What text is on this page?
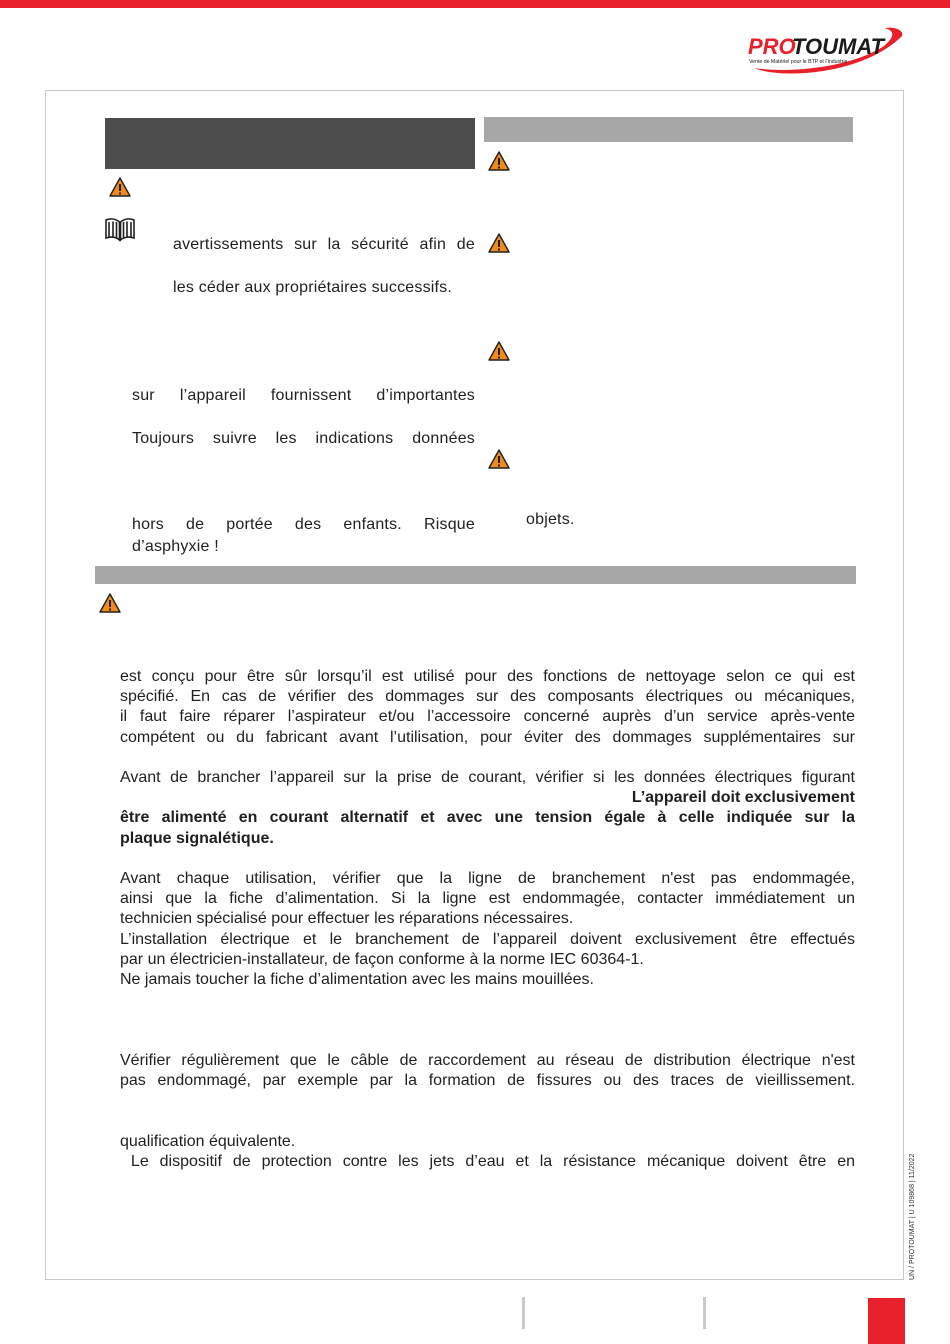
PRO
TOUMAT
Vente de Matériel pour le BTP et l'Industrie
avertissements sur la sécurité afin de
les céder aux propriétaires successifs.
sur l’appareil fournissent d’importantes
Toujours suivre les indications données
hors de portée des enfants. Risque
d’asphyxie !
objets.
est conçu pour être sûr lorsqu’il est utilisé pour des fonctions de nettoyage selon ce qui est
spécifié. En cas de vérifier des dommages sur des composants électriques ou mécaniques,
il faut faire réparer l’aspirateur et/ou l’accessoire concerné auprès d’un service après-vente
compétent ou du fabricant avant l’utilisation, pour éviter des dommages supplémentaires sur
Avant de brancher l’appareil sur la prise de courant, vérifier si les données électriques figurant
L’appareil doit exclusivement
être alimenté en courant alternatif et avec une tension égale à celle indiquée sur la
plaque signalétique.
Avant chaque utilisation, vérifier que la ligne de branchement n'est pas endommagée,
ainsi que la fiche d’alimentation. Si la ligne est endommagée, contacter immédiatement un
technicien spécialisé pour effectuer les réparations nécessaires.
L’installation électrique et le branchement de l’appareil doivent exclusivement être effectués
par un électricien-installateur, de façon conforme à la norme IEC 60364-1.
Ne jamais toucher la fiche d’alimentation avec les mains mouillées.
Vérifier régulièrement que le câble de raccordement au réseau de distribution électrique n'est
pas endommagé, par exemple par la formation de fissures ou des traces de vieillissement.
qualification équivalente.
Le dispositif de protection contre les jets d’eau et la résistance mécanique doivent être en	UN / PROTOUMAT | U 109868 | 11/2022
